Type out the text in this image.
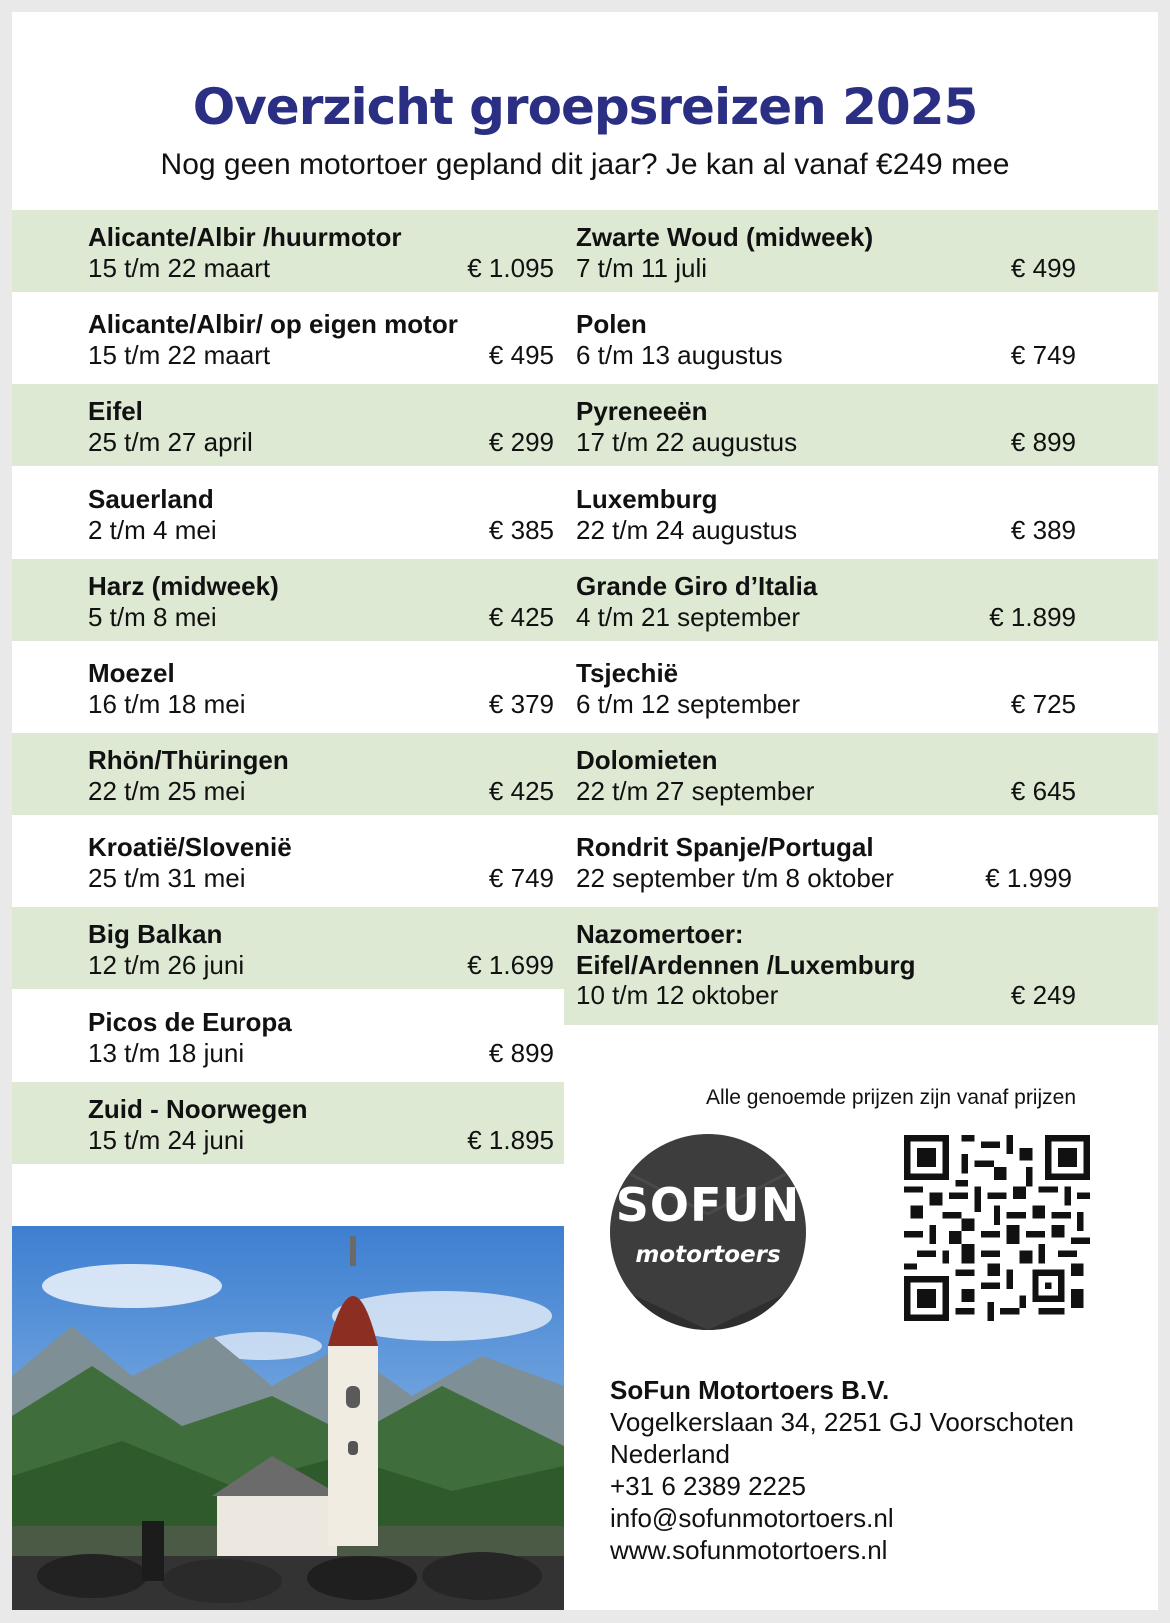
Overzicht groepsreizen 2025
Nog geen motortoer gepland dit jaar? Je kan al vanaf €249 mee
Alicante/Albir /huurmotor
15 t/m 22 maart	€ 1.095
Alicante/Albir/ op eigen motor
15 t/m 22 maart	€ 495
Eifel
25 t/m 27 april	€ 299
Sauerland
2 t/m 4 mei	€ 385
Harz (midweek)
5 t/m 8 mei	€ 425
Moezel
16 t/m 18 mei	€ 379
Rhön/Thüringen
22 t/m 25 mei	€ 425
Kroatië/Slovenië
25 t/m 31 mei	€ 749
Big Balkan
12 t/m 26 juni	€ 1.699
Picos de Europa
13 t/m 18 juni	€ 899
Zuid - Noorwegen
15 t/m 24 juni	€ 1.895
Zwarte Woud (midweek)
7 t/m 11 juli	€ 499
Polen
6 t/m 13 augustus	€ 749
Pyreneeën
17 t/m 22 augustus	€ 899
Luxemburg
22 t/m 24 augustus	€ 389
Grande Giro d’Italia
4 t/m 21 september	€ 1.899
Tsjechië
6 t/m 12 september	€ 725
Dolomieten
22 t/m 27 september	€ 645
Rondrit Spanje/Portugal
22 september t/m 8 oktober	€ 1.999
Nazomertoer:
Eifel/Ardennen /Luxemburg
10 t/m 12 oktober	€ 249
Alle genoemde prijzen zijn vanaf prijzen
SOFUN
motortoers
SoFun Motortoers B.V.
Vogelkerslaan 34, 2251 GJ Voorschoten
Nederland
+31 6 2389 2225
info@sofunmotortoers.nl
www.sofunmotortoers.nl
